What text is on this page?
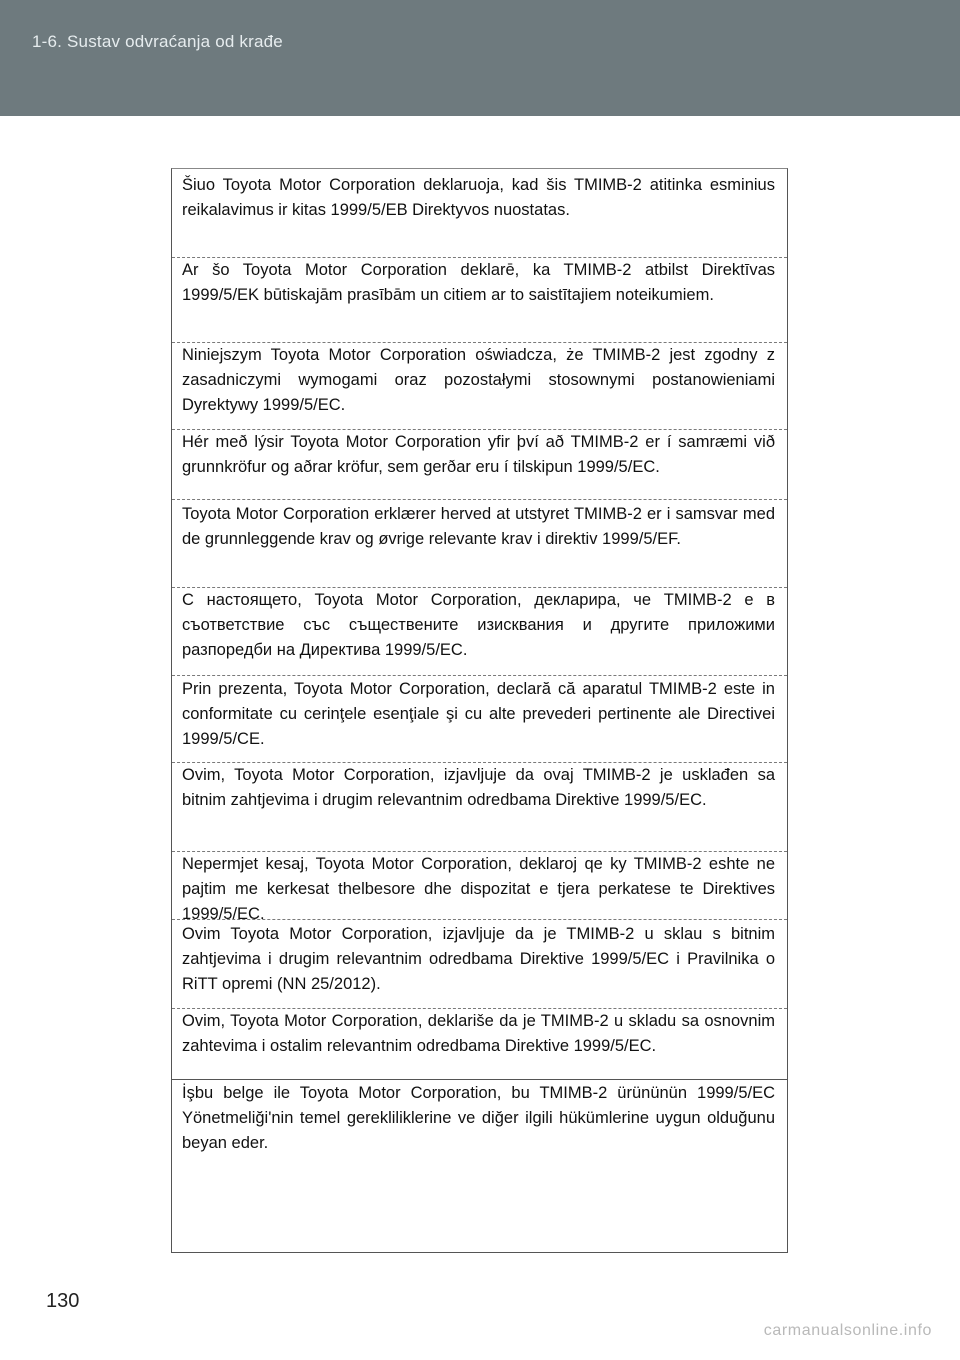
1-6. Sustav odvraćanja od krađe
Šiuo Toyota Motor Corporation deklaruoja, kad šis TMIMB-2 atitinka esminius reikalavimus ir kitas 1999/5/EB Direktyvos nuostatas.
Ar šo Toyota Motor Corporation deklarē, ka TMIMB-2 atbilst Direktīvas 1999/5/EK būtiskajām prasībām un citiem ar to saistītajiem noteikumiem.
Niniejszym Toyota Motor Corporation oświadcza, że TMIMB-2 jest zgodny z zasadniczymi wymogami oraz pozostałymi stosownymi postanowieniami Dyrektywy 1999/5/EC.
Hér með lýsir Toyota Motor Corporation yfir því að TMIMB-2 er í samræmi við grunnkröfur og aðrar kröfur, sem gerðar eru í tilskipun 1999/5/EC.
Toyota Motor Corporation erklærer herved at utstyret TMIMB-2 er i samsvar med de grunnleggende krav og øvrige relevante krav i direktiv 1999/5/EF.
С настоящето, Toyota Motor Corporation, декларира, че TMIMB-2 е в съответствие със съществените изисквания и другите приложими разпоредби на Директива 1999/5/EC.
Prin prezenta, Toyota Motor Corporation, declară că aparatul TMIMB-2 este in conformitate cu cerinţele esenţiale şi cu alte prevederi pertinente ale Directivei 1999/5/CE.
Ovim, Toyota Motor Corporation, izjavljuje da ovaj TMIMB-2 je usklađen sa bitnim zahtjevima i drugim relevantnim odredbama Direktive 1999/5/EC.
Nepermjet kesaj, Toyota Motor Corporation, deklaroj qe ky TMIMB-2 eshte ne pajtim me kerkesat thelbesore dhe dispozitat e tjera perkatese te Direktives 1999/5/EC.
Ovim Toyota Motor Corporation, izjavljuje da je TMIMB-2 u sklau s bitnim zahtjevima i drugim relevantnim odredbama Direktive 1999/5/EC i Pravilnika o RiTT opremi (NN 25/2012).
Ovim, Toyota Motor Corporation, deklariše da je TMIMB-2 u skladu sa osnovnim zahtevima i ostalim relevantnim odredbama Direktive 1999/5/EC.
İşbu belge ile Toyota Motor Corporation, bu TMIMB-2 ürününün 1999/5/EC Yönetmeliği'nin temel gerekliliklerine ve diğer ilgili hükümlerine uygun olduğunu beyan eder.
130
carmanualsonline.info
